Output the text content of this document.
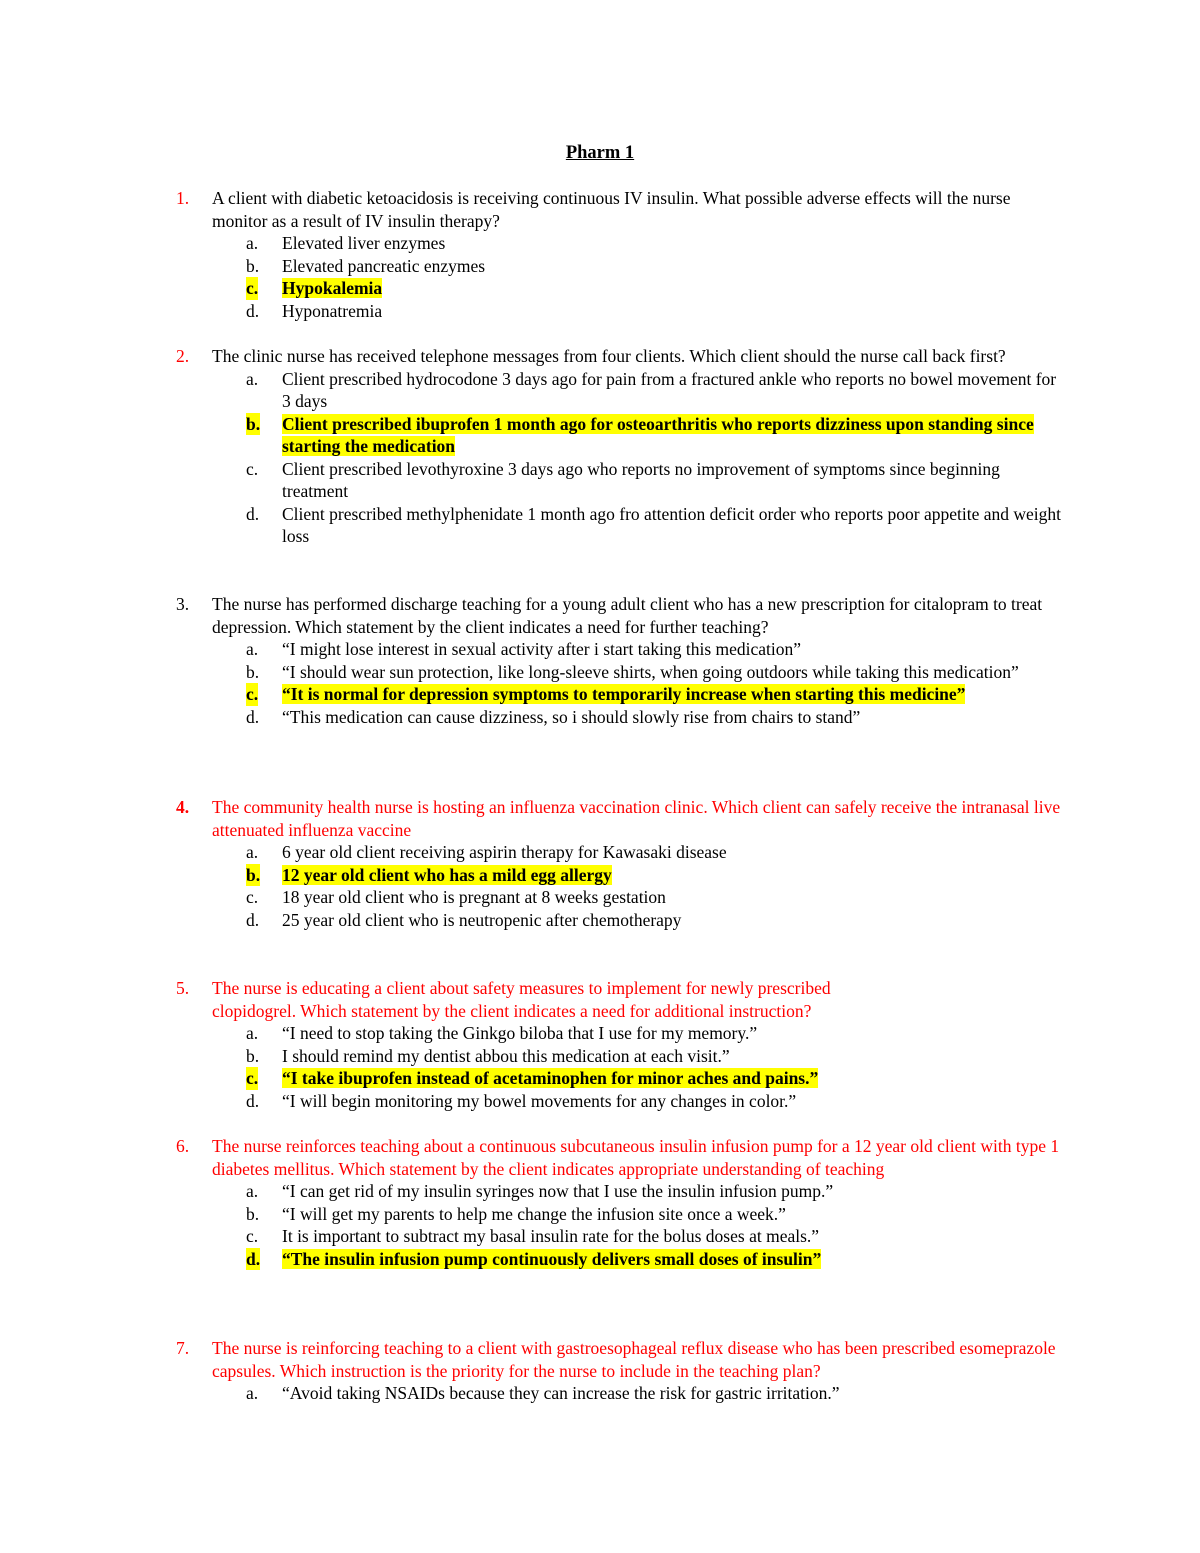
Pharm 1
1. A client with diabetic ketoacidosis is receiving continuous IV insulin. What possible adverse effects will the nurse monitor as a result of IV insulin therapy?
a. Elevated liver enzymes
b. Elevated pancreatic enzymes
c. Hypokalemia
d. Hyponatremia
2. The clinic nurse has received telephone messages from four clients. Which client should the nurse call back first?
a. Client prescribed hydrocodone 3 days ago for pain from a fractured ankle who reports no bowel movement for 3 days
b. Client prescribed ibuprofen 1 month ago for osteoarthritis who reports dizziness upon standing since starting the medication
c. Client prescribed levothyroxine 3 days ago who reports no improvement of symptoms since beginning treatment
d. Client prescribed methylphenidate 1 month ago fro attention deficit order who reports poor appetite and weight loss
3. The nurse has performed discharge teaching for a young adult client who has a new prescription for citalopram to treat depression. Which statement by the client indicates a need for further teaching?
a. “I might lose interest in sexual activity after i start taking this medication”
b. “I should wear sun protection, like long-sleeve shirts, when going outdoors while taking this medication”
c. “It is normal for depression symptoms to temporarily increase when starting this medicine”
d. “This medication can cause dizziness, so i should slowly rise from chairs to stand”
4. The community health nurse is hosting an influenza vaccination clinic. Which client can safely receive the intranasal live attenuated influenza vaccine
a. 6 year old client receiving aspirin therapy for Kawasaki disease
b. 12 year old client who has a mild egg allergy
c. 18 year old client who is pregnant at 8 weeks gestation
d. 25 year old client who is neutropenic after chemotherapy
5. The nurse is educating a client about safety measures to implement for newly prescribed clopidogrel. Which statement by the client indicates a need for additional instruction?
a. “I need to stop taking the Ginkgo biloba that I use for my memory.”
b. I should remind my dentist abbou this medication at each visit.”
c. “I take ibuprofen instead of acetaminophen for minor aches and pains.”
d. “I will begin monitoring my bowel movements for any changes in color.”
6. The nurse reinforces teaching about a continuous subcutaneous insulin infusion pump for a 12 year old client with type 1 diabetes mellitus. Which statement by the client indicates appropriate understanding of teaching
a. “I can get rid of my insulin syringes now that I use the insulin infusion pump.”
b. “I will get my parents to help me change the infusion site once a week.”
c. It is important to subtract my basal insulin rate for the bolus doses at meals.”
d. “The insulin infusion pump continuously delivers small doses of insulin”
7. The nurse is reinforcing teaching to a client with gastroesophageal reflux disease who has been prescribed esomeprazole capsules. Which instruction is the priority for the nurse to include in the teaching plan?
a. “Avoid taking NSAIDs because they can increase the risk for gastric irritation.”
